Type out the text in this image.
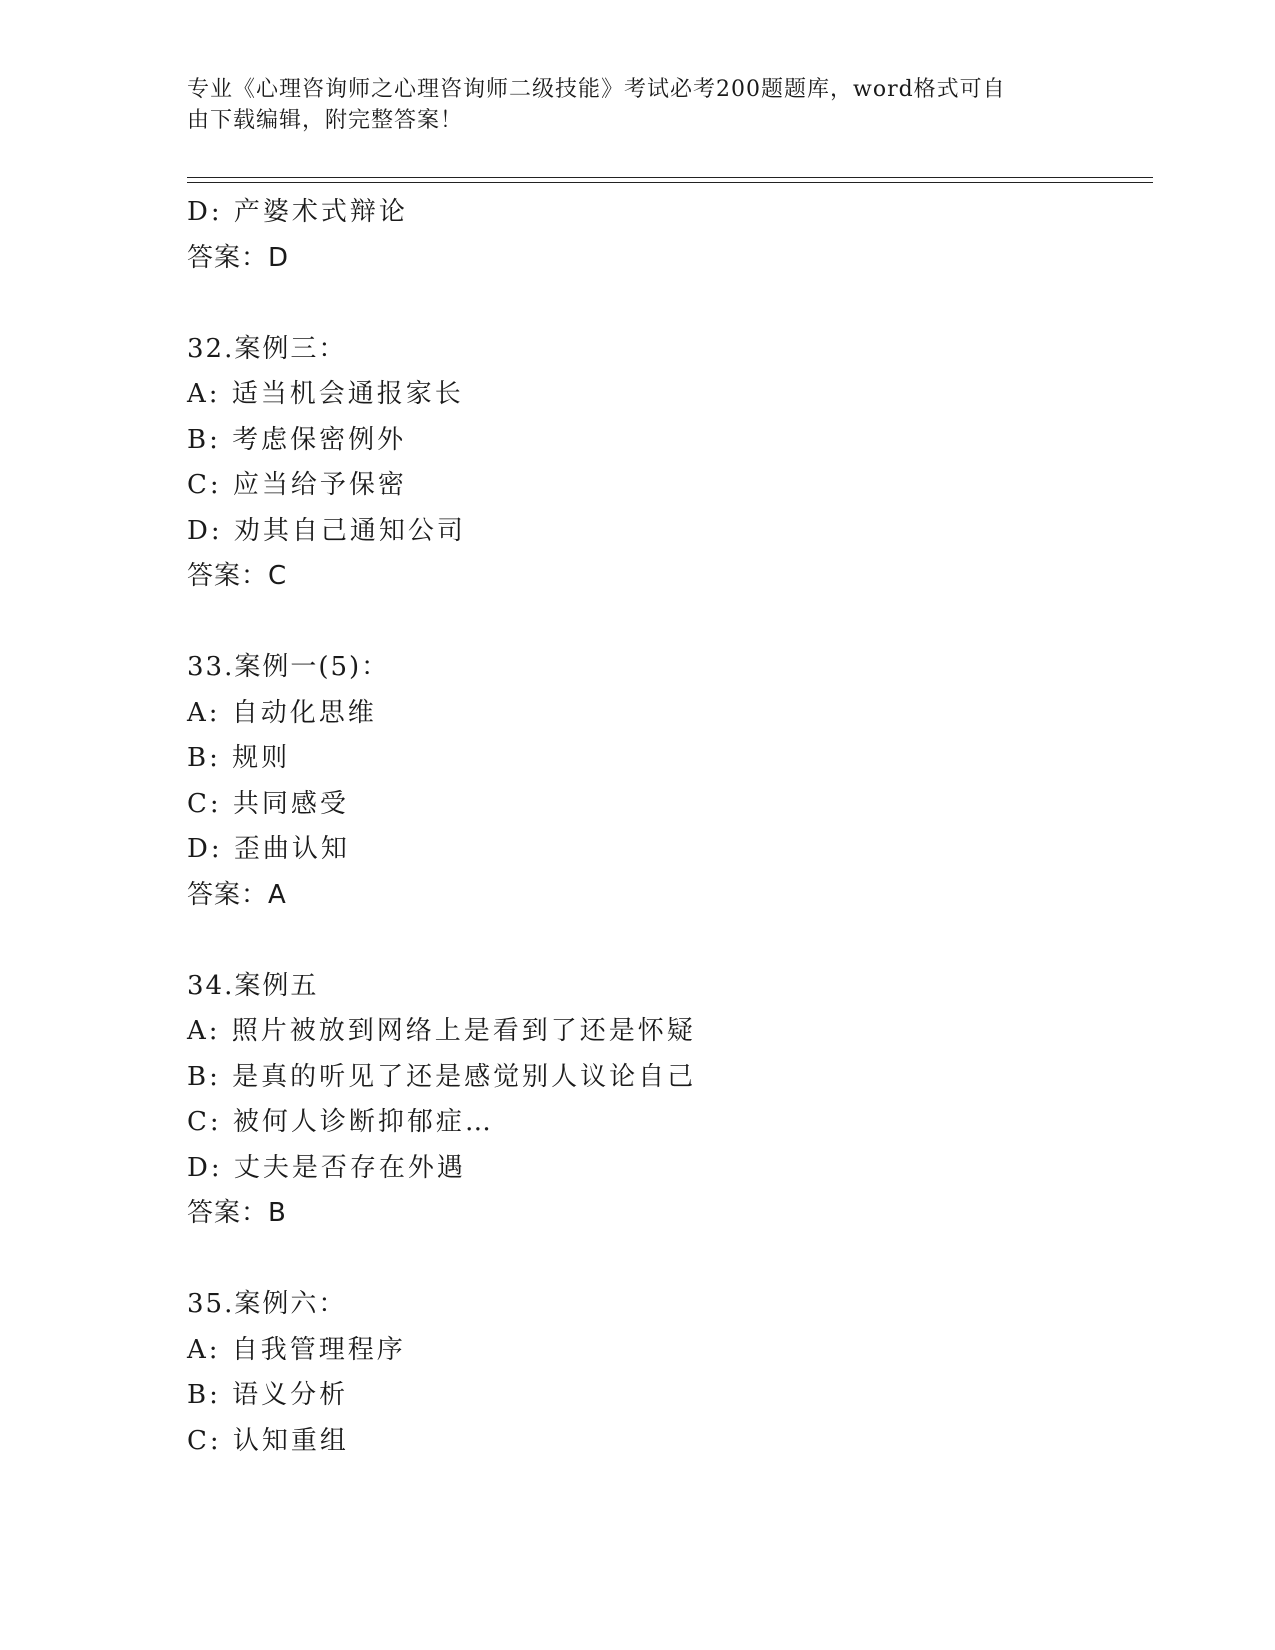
专业《心理咨询师之心理咨询师二级技能》考试必考200题题库，word格式可自
由下载编辑，附完整答案！
D: 产婆术式辩论
答案：D
32.案例三：
A: 适当机会通报家长
B: 考虑保密例外
C: 应当给予保密
D: 劝其自己通知公司
答案：C
33.案例一(5)：
A: 自动化思维
B: 规则
C: 共同感受
D: 歪曲认知
答案：A
34.案例五
A: 照片被放到网络上是看到了还是怀疑
B: 是真的听见了还是感觉别人议论自己
C: 被何人诊断抑郁症…
D: 丈夫是否存在外遇
答案：B
35.案例六：
A: 自我管理程序
B: 语义分析
C: 认知重组
